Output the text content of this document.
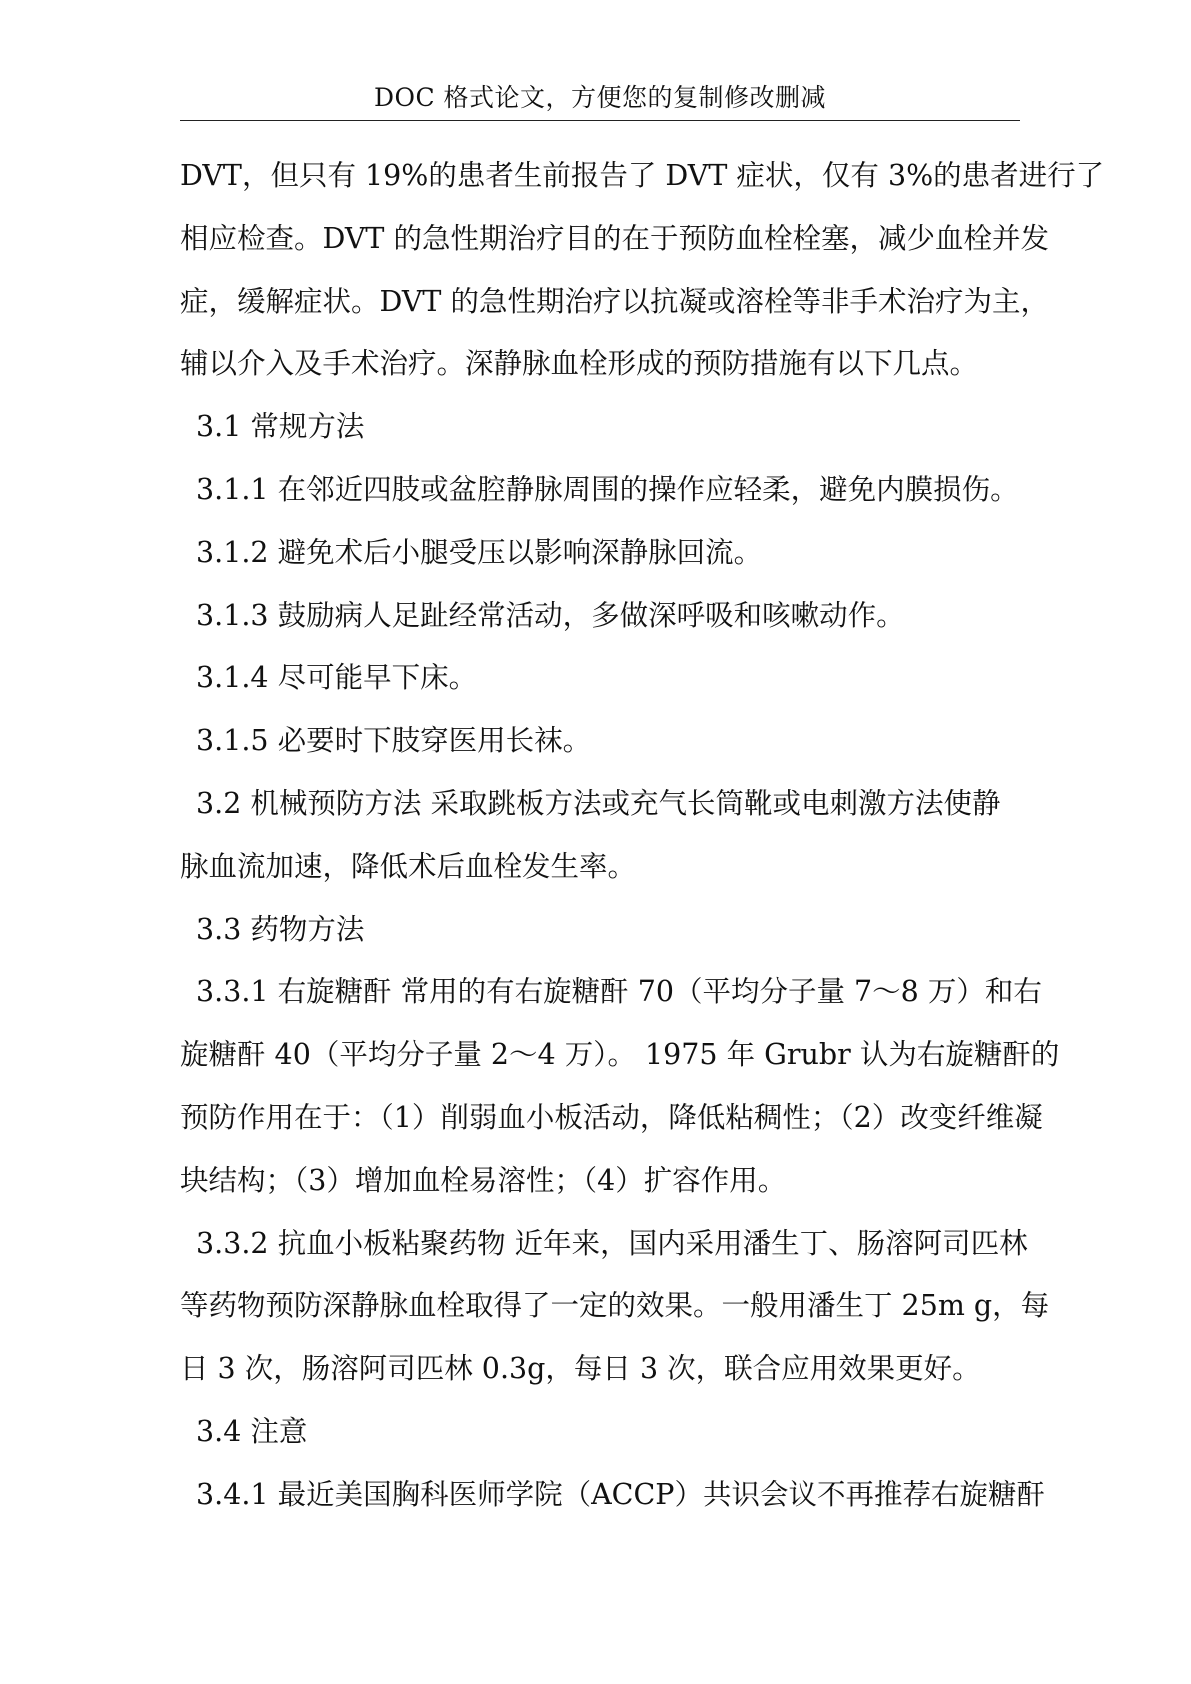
DOC 格式论文，方便您的复制修改删减

DVT，但只有 19%的患者生前报告了 DVT 症状，仅有 3%的患者进行了

相应检查。DVT 的急性期治疗目的在于预防血栓栓塞，减少血栓并发

症，缓解症状。DVT 的急性期治疗以抗凝或溶栓等非手术治疗为主，

辅以介入及手术治疗。深静脉血栓形成的预防措施有以下几点。

3.1 常规方法

3.1.1 在邻近四肢或盆腔静脉周围的操作应轻柔，避免内膜损伤。

3.1.2 避免术后小腿受压以影响深静脉回流。

3.1.3 鼓励病人足趾经常活动，多做深呼吸和咳嗽动作。

3.1.4 尽可能早下床。

3.1.5 必要时下肢穿医用长袜。

3.2 机械预防方法 采取跳板方法或充气长筒靴或电刺激方法使静

脉血流加速，降低术后血栓发生率。

3.3 药物方法

3.3.1 右旋糖酐 常用的有右旋糖酐 70（平均分子量 7～8 万）和右

旋糖酐 40（平均分子量 2～4 万）。 1975 年 Grubr 认为右旋糖酐的

预防作用在于：（1）削弱血小板活动，降低粘稠性；（2）改变纤维凝

块结构；（3）增加血栓易溶性；（4）扩容作用。

3.3.2 抗血小板粘聚药物 近年来，国内采用潘生丁、肠溶阿司匹林

等药物预防深静脉血栓取得了一定的效果。一般用潘生丁 25m g，每

日 3 次，肠溶阿司匹林 0.3g，每日 3 次，联合应用效果更好。

3.4 注意

3.4.1 最近美国胸科医师学院（ACCP）共识会议不再推荐右旋糖酐
